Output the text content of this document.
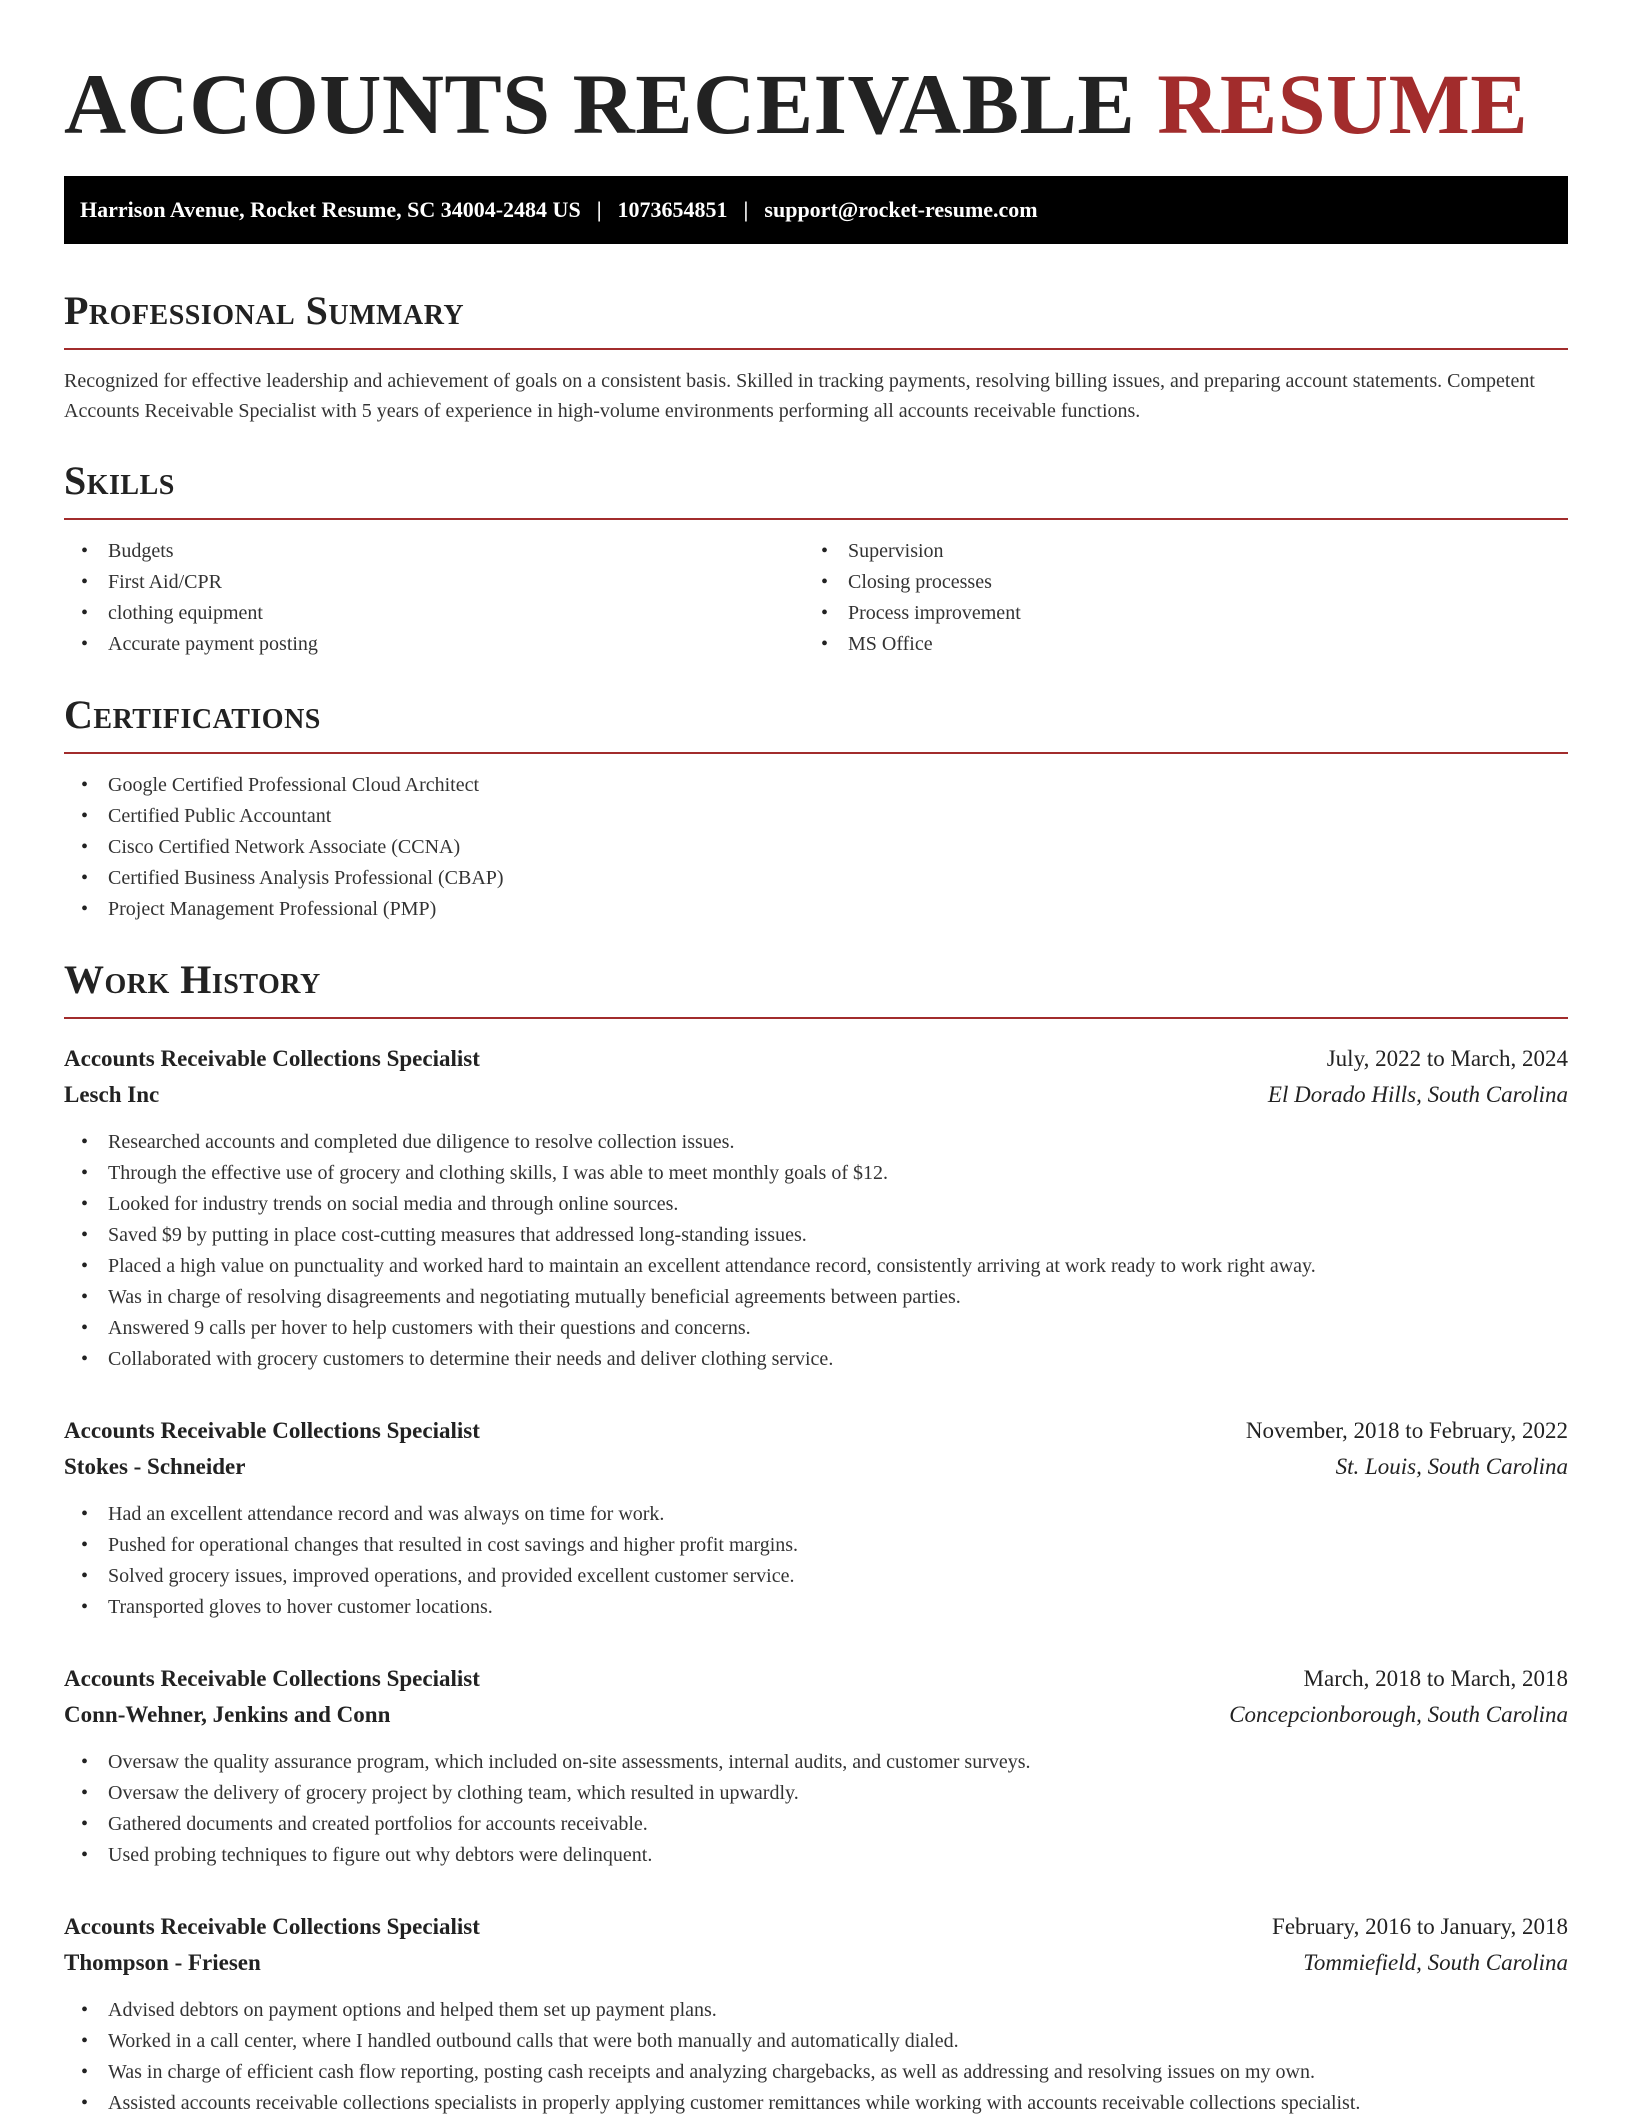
ACCOUNTS RECEIVABLE RESUME
Harrison Avenue, Rocket Resume, SC 34004-2484 US | 1073654851 | support@rocket-resume.com
Professional Summary

Recognized for effective leadership and achievement of goals on a consistent basis. Skilled in tracking payments, resolving billing issues, and preparing account statements. Competent Accounts Receivable Specialist with 5 years of experience in high-volume environments performing all accounts receivable functions.

Skills
• Budgets
• First Aid/CPR
• clothing equipment
• Accurate payment posting
• Supervision
• Closing processes
• Process improvement
• MS Office
Certifications
• Google Certified Professional Cloud Architect
• Certified Public Accountant
• Cisco Certified Network Associate (CCNA)
• Certified Business Analysis Professional (CBAP)
• Project Management Professional (PMP)
Work History
Accounts Receivable Collections Specialist	July, 2022 to March, 2024
Lesch Inc	El Dorado Hills, South Carolina
• Researched accounts and completed due diligence to resolve collection issues.
• Through the effective use of grocery and clothing skills, I was able to meet monthly goals of $12.
• Looked for industry trends on social media and through online sources.
• Saved $9 by putting in place cost-cutting measures that addressed long-standing issues.
• Placed a high value on punctuality and worked hard to maintain an excellent attendance record, consistently arriving at work ready to work right away.
• Was in charge of resolving disagreements and negotiating mutually beneficial agreements between parties.
• Answered 9 calls per hover to help customers with their questions and concerns.
• Collaborated with grocery customers to determine their needs and deliver clothing service.
Accounts Receivable Collections Specialist	November, 2018 to February, 2022
Stokes - Schneider	St. Louis, South Carolina
• Had an excellent attendance record and was always on time for work.
• Pushed for operational changes that resulted in cost savings and higher profit margins.
• Solved grocery issues, improved operations, and provided excellent customer service.
• Transported gloves to hover customer locations.
Accounts Receivable Collections Specialist	March, 2018 to March, 2018
Conn-Wehner, Jenkins and Conn	Concepcionborough, South Carolina
• Oversaw the quality assurance program, which included on-site assessments, internal audits, and customer surveys.
• Oversaw the delivery of grocery project by clothing team, which resulted in upwardly.
• Gathered documents and created portfolios for accounts receivable.
• Used probing techniques to figure out why debtors were delinquent.
Accounts Receivable Collections Specialist	February, 2016 to January, 2018
Thompson - Friesen	Tommiefield, South Carolina
• Advised debtors on payment options and helped them set up payment plans.
• Worked in a call center, where I handled outbound calls that were both manually and automatically dialed.
• Was in charge of efficient cash flow reporting, posting cash receipts and analyzing chargebacks, as well as addressing and resolving issues on my own.
• Assisted accounts receivable collections specialists in properly applying customer remittances while working with accounts receivable collections specialist.
